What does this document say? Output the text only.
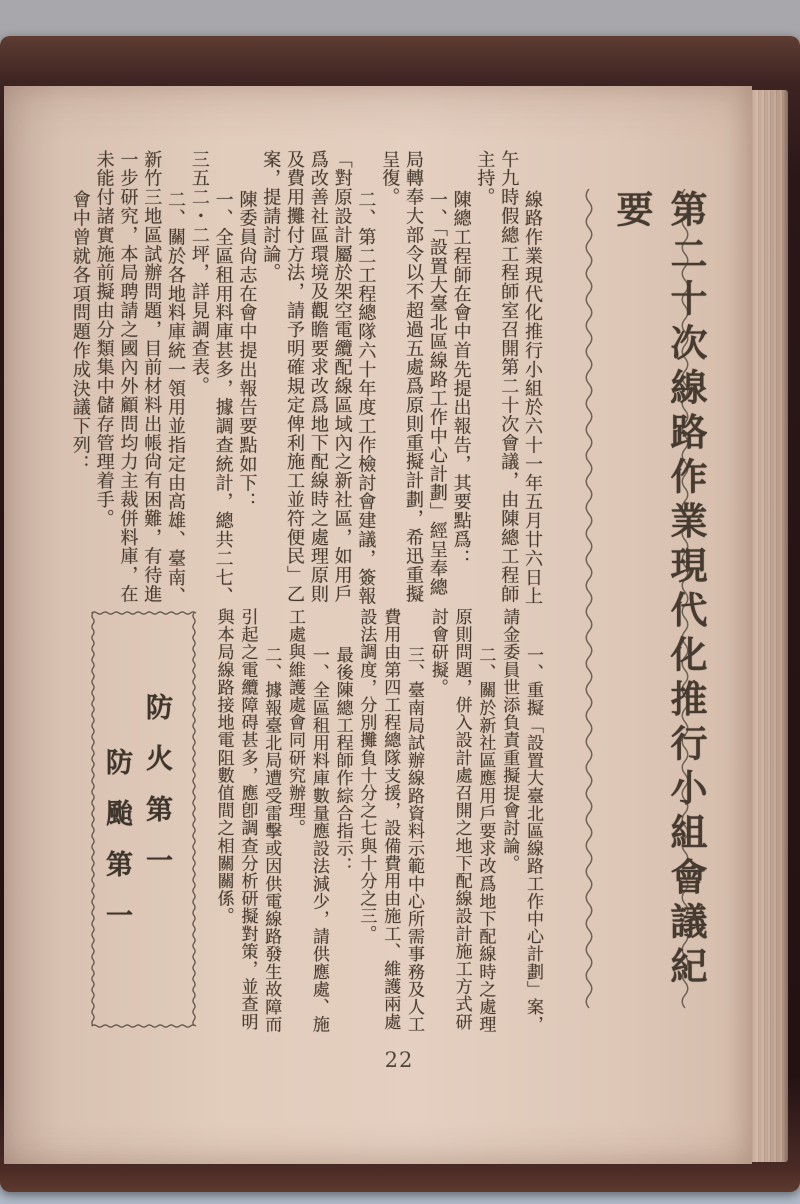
第二十次線路作業現代化推行小組會議紀要
線路作業現代化推行小組於六十一年五月廿六日上
午九時假總工程師室召開第二十次會議，由陳總工程師
主持。
陳總工程師在會中首先提出報告，其要點爲：
一、「設置大臺北區線路工作中心計劃」經呈奉總
局轉奉大部令以不超過五處爲原則重擬計劃，希迅重擬
呈復。
二、第二工程總隊六十年度工作檢討會建議，簽報
「對原設計屬於架空電纜配線區域內之新社區，如用戶
爲改善社區環境及觀瞻要求改爲地下配線時之處理原則
及費用攤付方法，請予明確規定俾利施工並符便民」乙
案，提請討論。
陳委員尙志在會中提出報告要點如下：
一、全區租用料庫甚多，據調查統計，總共二七、
三五二・二坪，詳見調查表。
二、關於各地料庫統一領用並指定由高雄、臺南、
新竹三地區試辦問題，目前材料出帳尙有困難，有待進
一步研究，本局聘請之國內外顧問均力主裁併料庫，在
未能付諸實施前擬由分類集中儲存管理着手。
會中曾就各項問題作成決議下列：
一、重擬「設置大臺北區線路工作中心計劃」案，
請金委員世添負責重擬提會討論。
二、關於新社區應用戶要求改爲地下配線時之處理
原則問題，併入設計處召開之地下配線設計施工方式研
討會研擬。
三、臺南局試辦線路資料示範中心所需事務及人工
費用由第四工程總隊支援，設備費用由施工、維護兩處
設法調度，分別攤負十分之七與十分之三。
最後陳總工程師作綜合指示：
一、全區租用料庫數量應設法減少，請供應處、施
工處與維護處會同研究辦理。
二、據報臺北局遭受雷擊或因供電線路發生故障而
引起之電纜障碍甚多，應卽調查分析研擬對策，並查明
與本局線路接地電阻數值間之相關關係。
防火第一
防颱第一
22
